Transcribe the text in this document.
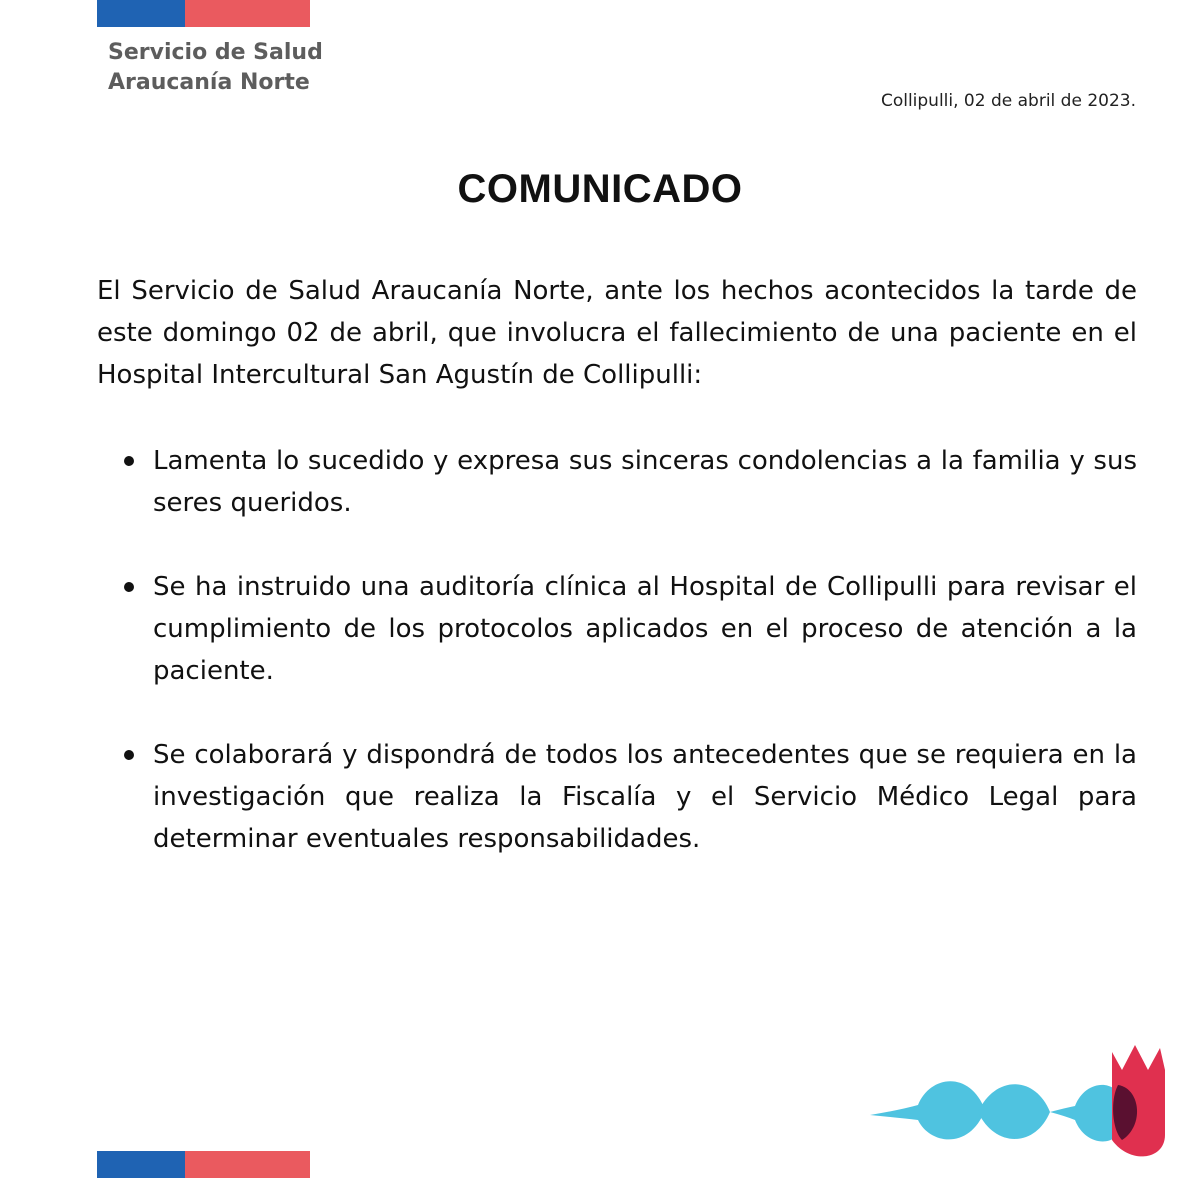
Servicio de Salud
Araucanía Norte
Collipulli, 02 de abril de 2023.
COMUNICADO

El Servicio de Salud Araucanía Norte, ante los hechos acontecidos la tarde de este domingo 02 de abril, que involucra el fallecimiento de una paciente en el Hospital Intercultural San Agustín de Collipulli:

Lamenta lo sucedido y expresa sus sinceras condolencias a la familia y sus seres queridos.
Se ha instruido una auditoría clínica al Hospital de Collipulli para revisar el cumplimiento de los protocolos aplicados en el proceso de atención a la paciente.
Se colaborará y dispondrá de todos los antecedentes que se requiera en la investigación que realiza la Fiscalía y el Servicio Médico Legal para determinar eventuales responsabilidades.
